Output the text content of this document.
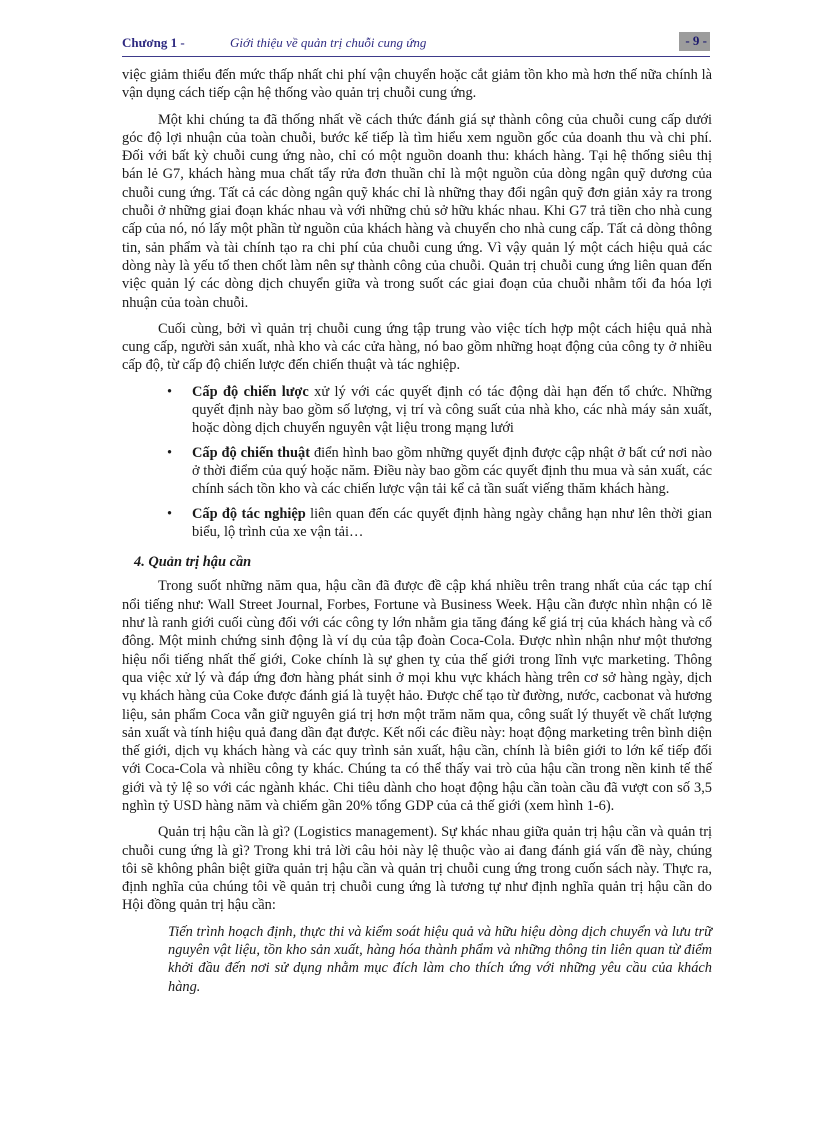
Chương 1 -	Giới thiệu về quản trị chuỗi cung ứng	- 9 -

việc giảm thiểu đến mức thấp nhất chi phí vận chuyển hoặc cắt giảm tồn kho mà hơn thế nữa chính là vận dụng cách tiếp cận hệ thống vào quản trị chuỗi cung ứng.

Một khi chúng ta đã thống nhất về cách thức đánh giá sự thành công của chuỗi cung cấp dưới góc độ lợi nhuận của toàn chuỗi, bước kế tiếp là tìm hiểu xem nguồn gốc của doanh thu và chi phí. Đối với bất kỳ chuỗi cung ứng nào, chỉ có một nguồn doanh thu: khách hàng. Tại hệ thống siêu thị bán lẻ G7, khách hàng mua chất tẩy rửa đơn thuần chỉ là một nguồn của dòng ngân quỹ dương của chuỗi cung ứng. Tất cả các dòng ngân quỹ khác chỉ là những thay đổi ngân quỹ đơn giản xảy ra trong chuỗi ở những giai đoạn khác nhau và với những chủ sở hữu khác nhau. Khi G7 trả tiền cho nhà cung cấp của nó, nó lấy một phần từ nguồn của khách hàng và chuyển cho nhà cung cấp. Tất cả dòng thông tin, sản phẩm và tài chính tạo ra chi phí của chuỗi cung ứng. Vì vậy quản lý một cách hiệu quả các dòng này là yếu tố then chốt làm nên sự thành công của chuỗi. Quản trị chuỗi cung ứng liên quan đến việc quản lý các dòng dịch chuyển giữa và trong suốt các giai đoạn của chuỗi nhằm tối đa hóa lợi nhuận của toàn chuỗi.

Cuối cùng, bởi vì quản trị chuỗi cung ứng tập trung vào việc tích hợp một cách hiệu quả nhà cung cấp, người sản xuất, nhà kho và các cửa hàng, nó bao gồm những hoạt động của công ty ở nhiều cấp độ, từ cấp độ chiến lược đến chiến thuật và tác nghiệp.

• Cấp độ chiến lược xử lý với các quyết định có tác động dài hạn đến tổ chức. Những quyết định này bao gồm số lượng, vị trí và công suất của nhà kho, các nhà máy sản xuất, hoặc dòng dịch chuyển nguyên vật liệu trong mạng lưới
• Cấp độ chiến thuật điển hình bao gồm những quyết định được cập nhật ở bất cứ nơi nào ở thời điểm của quý hoặc năm. Điều này bao gồm các quyết định thu mua và sản xuất, các chính sách tồn kho và các chiến lược vận tải kể cả tần suất viếng thăm khách hàng.
• Cấp độ tác nghiệp liên quan đến các quyết định hàng ngày chẳng hạn như lên thời gian biểu, lộ trình của xe vận tải…
4. Quản trị hậu cần

Trong suốt những năm qua, hậu cần đã được đề cập khá nhiều trên trang nhất của các tạp chí nổi tiếng như: Wall Street Journal, Forbes, Fortune và Business Week. Hậu cần được nhìn nhận có lẽ như là ranh giới cuối cùng đối với các công ty lớn nhằm gia tăng đáng kể giá trị của khách hàng và cổ đông. Một minh chứng sinh động là ví dụ của tập đoàn Coca-Cola. Được nhìn nhận như một thương hiệu nổi tiếng nhất thế giới, Coke chính là sự ghen tỵ của thế giới trong lĩnh vực marketing. Thông qua việc xử lý và đáp ứng đơn hàng phát sinh ở mọi khu vực khách hàng trên cơ sở hàng ngày, dịch vụ khách hàng của Coke được đánh giá là tuyệt hảo. Được chế tạo từ đường, nước, cacbonat và hương liệu, sản phẩm Coca vẫn giữ nguyên giá trị hơn một trăm năm qua, công suất lý thuyết về chất lượng sản xuất và tính hiệu quả đang dần đạt được. Kết nối các điều này: hoạt động marketing trên bình diện thế giới, dịch vụ khách hàng và các quy trình sản xuất, hậu cần, chính là biên giới to lớn kế tiếp đối với Coca-Cola và nhiều công ty khác. Chúng ta có thể thấy vai trò của hậu cần trong nền kinh tế thế giới và tỷ lệ so với các ngành khác. Chi tiêu dành cho hoạt động hậu cần toàn cầu đã vượt con số 3,5 nghìn tỷ USD hàng năm và chiếm gần 20% tổng GDP của cả thế giới (xem hình 1-6).

Quản trị hậu cần là gì? (Logistics management). Sự khác nhau giữa quản trị hậu cần và quản trị chuỗi cung ứng là gì? Trong khi trả lời câu hỏi này lệ thuộc vào ai đang đánh giá vấn đề này, chúng tôi sẽ không phân biệt giữa quản trị hậu cần và quản trị chuỗi cung ứng trong cuốn sách này. Thực ra, định nghĩa của chúng tôi về quản trị chuỗi cung ứng là tương tự như định nghĩa quản trị hậu cần do Hội đồng quản trị hậu cần:

Tiến trình hoạch định, thực thi và kiểm soát hiệu quả và hữu hiệu dòng dịch chuyển và lưu trữ nguyên vật liệu, tồn kho sản xuất, hàng hóa thành phẩm và những thông tin liên quan từ điểm khởi đầu đến nơi sử dụng nhằm mục đích làm cho thích ứng với những yêu cầu của khách hàng.
